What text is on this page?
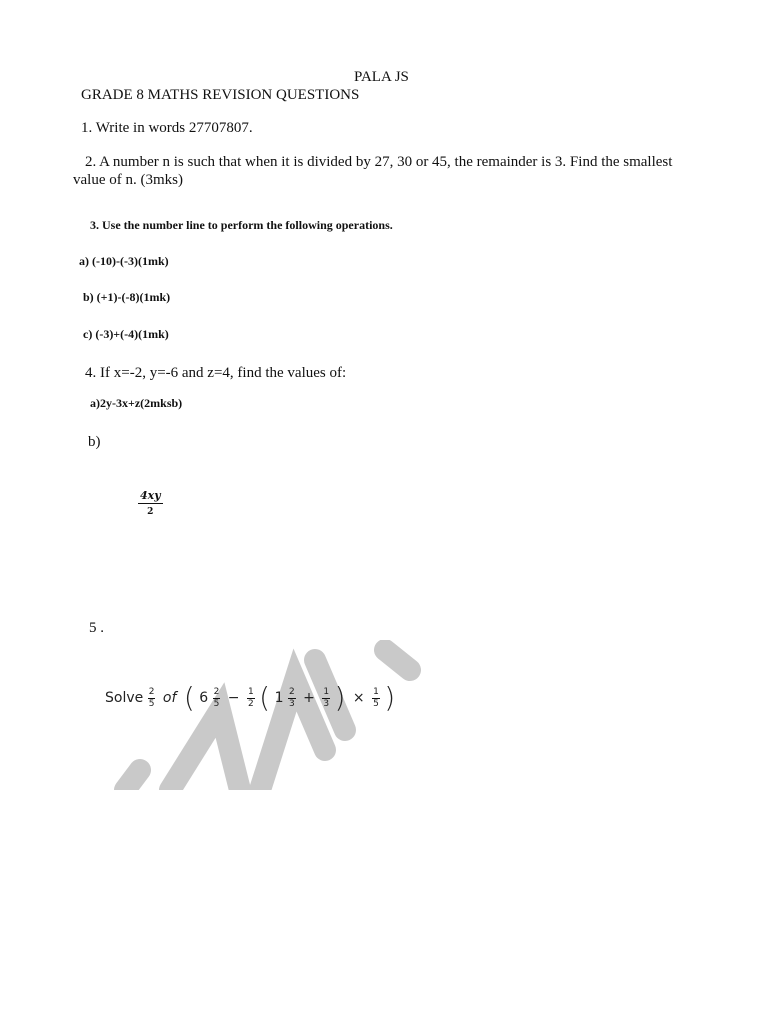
PALA JS
GRADE 8 MATHS REVISION QUESTIONS
1. Write in words 27707807.
2. A number n is such that when it is divided by 27, 30 or 45, the remainder is 3. Find the smallest value of n. (3mks)
3. Use the number line to perform the following operations.
a) (-10)-(-3)(1mk)
b) (+1)-(-8)(1mk)
c) (-3)+(-4)(1mk)
4. If x=-2, y=-6 and z=4, find the values of:
a)2y-3x+z(2mksb)
b)
$\frac{4xy}{2}$
5 .
Solve $\frac{2}{5}$ of ( $6 \frac{2}{5} - \frac{1}{2}$ ( $1 \frac{2}{3} + \frac{1}{3}$ ) × $\frac{1}{5}$ )
